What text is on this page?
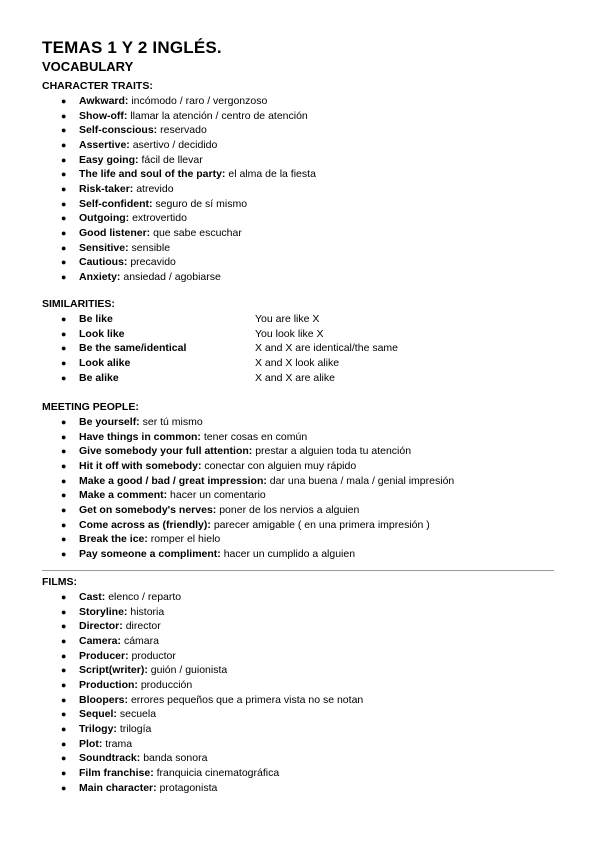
TEMAS 1 Y 2 INGLÉS.
VOCABULARY
CHARACTER TRAITS:
● Awkward: incómodo / raro / vergonzoso
● Show-off: llamar la atención / centro de atención
● Self-conscious: reservado
● Assertive: asertivo / decidido
● Easy going: fácil de llevar
● The life and soul of the party: el alma de la fiesta
● Risk-taker: atrevido
● Self-confident: seguro de sí mismo
● Outgoing: extrovertido
● Good listener: que sabe escuchar
● Sensitive: sensible
● Cautious: precavido
● Anxiety: ansiedad / agobiarse
SIMILARITIES:
● Be like	You are like X
● Look like	You look like X
● Be the same/identical	X and X are identical/the same
● Look alike	X and X look alike
● Be alike	X and X are alike
MEETING PEOPLE:
● Be yourself: ser tú mismo
● Have things in common: tener cosas en común
● Give somebody your full attention: prestar a alguien toda tu atención
● Hit it off with somebody: conectar con alguien muy rápido
● Make a good / bad / great impression: dar una buena / mala / genial impresión
● Make a comment: hacer un comentario
● Get on somebody's nerves: poner de los nervios a alguien
● Come across as (friendly): parecer amigable ( en una primera impresión )
● Break the ice: romper el hielo
● Pay someone a compliment: hacer un cumplido a alguien
FILMS:
● Cast: elenco / reparto
● Storyline: historia
● Director: director
● Camera: cámara
● Producer: productor
● Script(writer): guión / guionista
● Production: producción
● Bloopers: errores pequeños que a primera vista no se notan
● Sequel: secuela
● Trilogy: trilogía
● Plot: trama
● Soundtrack: banda sonora
● Film franchise: franquicia cinematográfica
● Main character: protagonista
